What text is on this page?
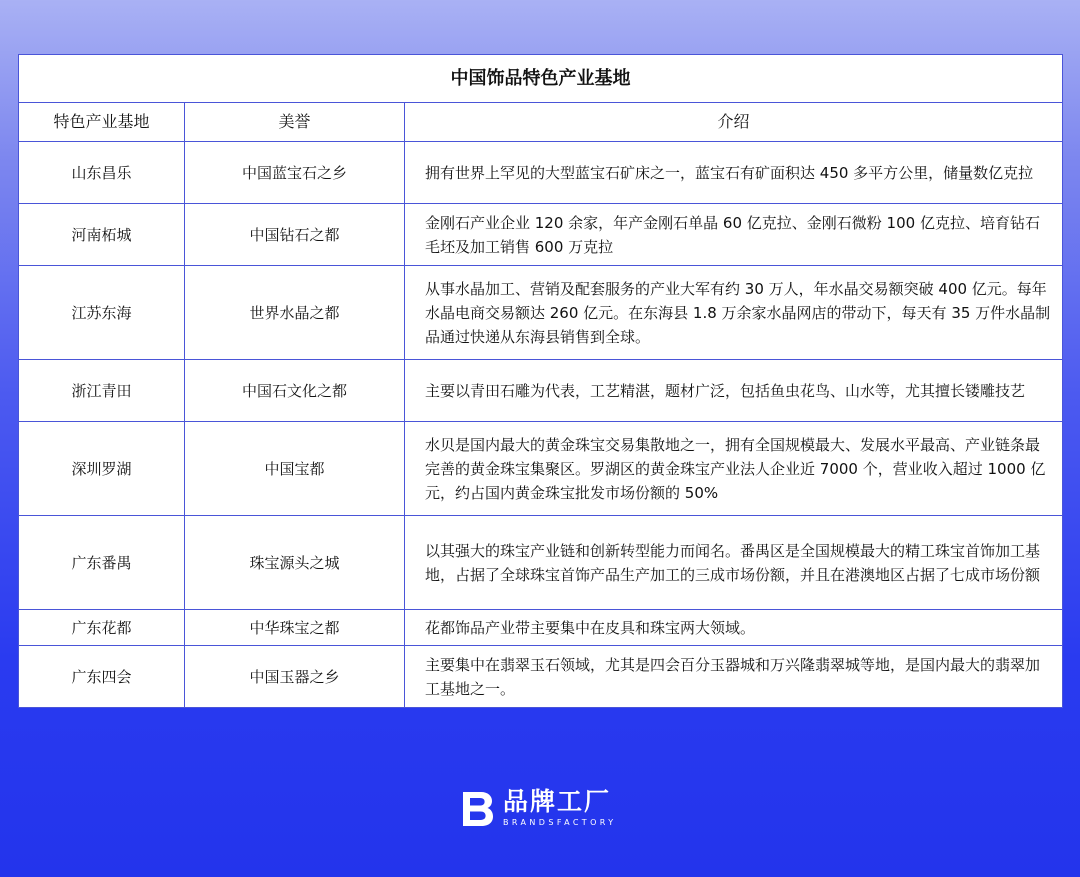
中国饰品特色产业基地		
特色产业基地	美誉	介绍
山东昌乐	中国蓝宝石之乡	拥有世界上罕见的大型蓝宝石矿床之一，蓝宝石有矿面积达 450 多平方公里，储量数亿克拉
河南柘城	中国钻石之都	金刚石产业企业 120 余家，年产金刚石单晶 60 亿克拉、金刚石微粉 100 亿克拉、培育钻石毛坯及加工销售 600 万克拉
江苏东海	世界水晶之都	从事水晶加工、营销及配套服务的产业大军有约 30 万人，年水晶交易额突破 400 亿元。每年水晶电商交易额达 260 亿元。在东海县 1.8 万余家水晶网店的带动下，每天有 35 万件水晶制品通过快递从东海县销售到全球。
浙江青田	中国石文化之都	主要以青田石雕为代表，工艺精湛，题材广泛，包括鱼虫花鸟、山水等，尤其擅长镂雕技艺
深圳罗湖	中国宝都	水贝是国内最大的黄金珠宝交易集散地之一，拥有全国规模最大、发展水平最高、产业链条最完善的黄金珠宝集聚区。罗湖区的黄金珠宝产业法人企业近 7000 个，营业收入超过 1000 亿元，约占国内黄金珠宝批发市场份额的 50%
广东番禺	珠宝源头之城	以其强大的珠宝产业链和创新转型能力而闻名。番禺区是全国规模最大的精工珠宝首饰加工基地，占据了全球珠宝首饰产品生产加工的三成市场份额，并且在港澳地区占据了七成市场份额
广东花都	中华珠宝之都	花都饰品产业带主要集中在皮具和珠宝两大领域。
广东四会	中国玉器之乡	主要集中在翡翠玉石领域，尤其是四会百分玉器城和万兴隆翡翠城等地，是国内最大的翡翠加工基地之一。
品牌工厂
BRANDSFACTORY
